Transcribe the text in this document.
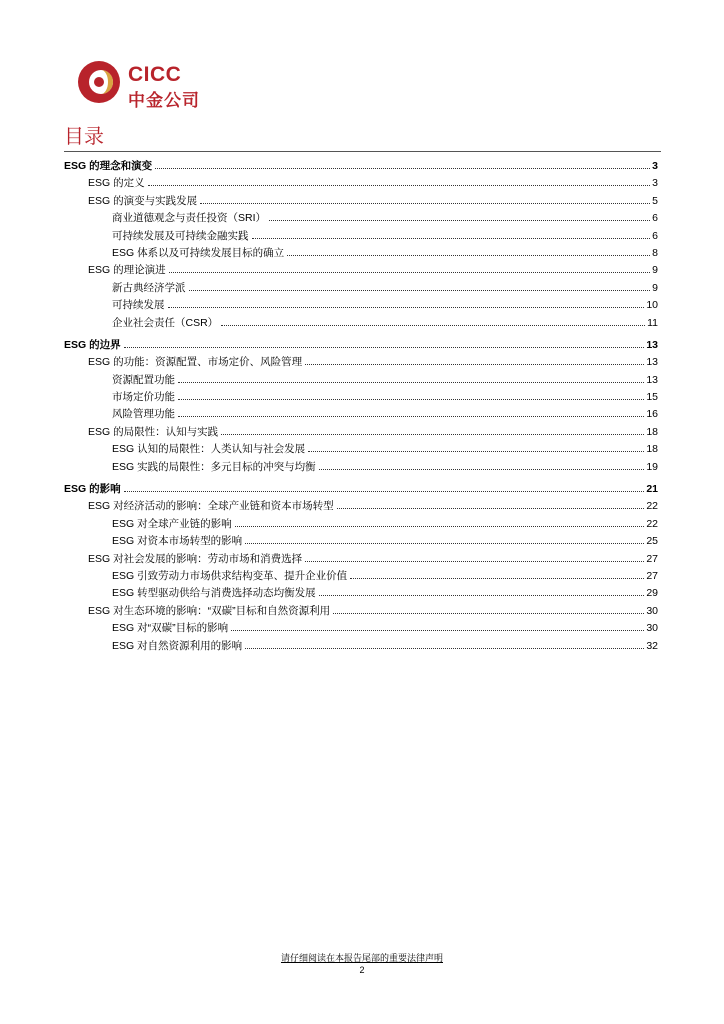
CICC
中金公司
目录
ESG 的理念和演变	3
ESG 的定义	3
ESG 的演变与实践发展	5
商业道德观念与责任投资（SRI）	6
可持续发展及可持续金融实践	6
ESG 体系以及可持续发展目标的确立	8
ESG 的理论演进	9
新古典经济学派	9
可持续发展	10
企业社会责任（CSR）	11
ESG 的边界	13
ESG 的功能：资源配置、市场定价、风险管理	13
资源配置功能	13
市场定价功能	15
风险管理功能	16
ESG 的局限性：认知与实践	18
ESG 认知的局限性：人类认知与社会发展	18
ESG 实践的局限性：多元目标的冲突与均衡	19
ESG 的影响	21
ESG 对经济活动的影响：全球产业链和资本市场转型	22
ESG 对全球产业链的影响	22
ESG 对资本市场转型的影响	25
ESG 对社会发展的影响：劳动市场和消费选择	27
ESG 引致劳动力市场供求结构变革、提升企业价值	27
ESG 转型驱动供给与消费选择动态均衡发展	29
ESG 对生态环境的影响：“双碳”目标和自然资源利用	30
ESG 对“双碳”目标的影响	30
ESG 对自然资源利用的影响	32
请仔细阅读在本报告尾部的重要法律声明
2
